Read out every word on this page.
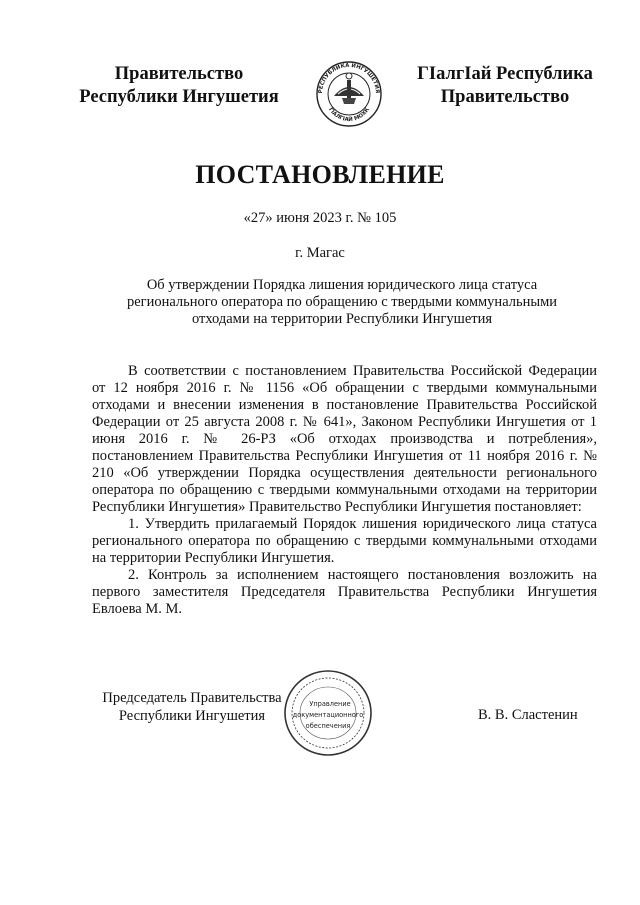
Правительство
Республики Ингушетия	РЕСПУБЛИКА ИНГУШЕТИЯ
ГIАЛГIАЙ МОХК
ГIалгIай Республика
Правительство
ПОСТАНОВЛЕНИЕ
«27» июня 2023 г. № 105
г. Магас
Об утверждении Порядка лишения юридического лица статуса регионального оператора по обращению с твердыми коммунальными отходами на территории Республики Ингушетия

В соответствии с постановлением Правительства Российской Федерации от 12 ноября 2016 г. № 1156 «Об обращении с твердыми коммунальными отходами и внесении изменения в постановление Правительства Российской Федерации от 25 августа 2008 г. № 641», Законом Республики Ингушетия от 1 июня 2016 г. № 26-РЗ «Об отходах производства и потребления», постановлением Правительства Республики Ингушетия от 11 ноября 2016 г. № 210 «Об утверждении Порядка осуществления деятельности регионального оператора по обращению с твердыми коммунальными отходами на территории Республики Ингушетия» Правительство Республики Ингушетия постановляет:

1. Утвердить прилагаемый Порядок лишения юридического лица статуса регионального оператора по обращению с твердыми коммунальными отходами на территории Республики Ингушетия.

2. Контроль за исполнением настоящего постановления возложить на первого заместителя Председателя Правительства Республики Ингушетия Евлоева М. М.

Председатель Правительства
Республики Ингушетия
Управление
документационного
обеспечения
В. В. Сластенин
